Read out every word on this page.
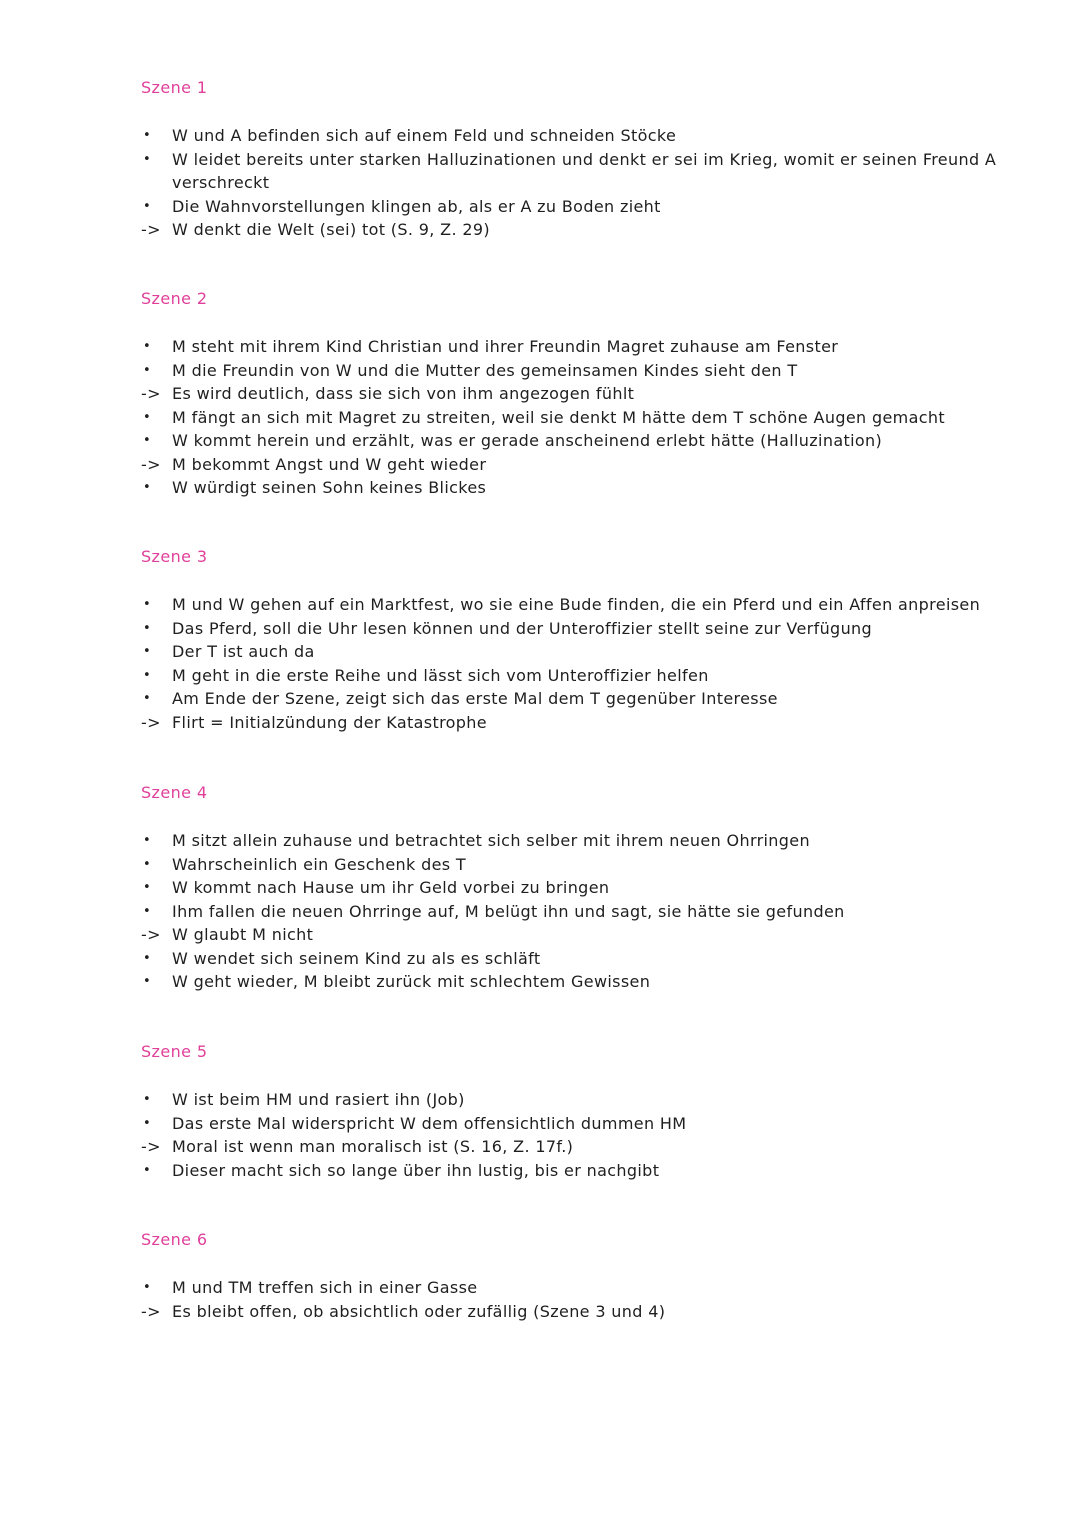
Szene 1
•	W und A befinden sich auf einem Feld und schneiden Stöcke
•	W leidet bereits unter starken Halluzinationen und denkt er sei im Krieg, womit er seinen Freund A verschreckt
•	Die Wahnvorstellungen klingen ab, als er A zu Boden zieht
-> W denkt die Welt (sei) tot (S. 9, Z. 29)
Szene 2
•	M steht mit ihrem Kind Christian und ihrer Freundin Magret zuhause am Fenster
•	M die Freundin von W und die Mutter des gemeinsamen Kindes sieht den T
-> Es wird deutlich, dass sie sich von ihm angezogen fühlt
•	M fängt an sich mit Magret zu streiten, weil sie denkt M hätte dem T schöne Augen gemacht
•	W kommt herein und erzählt, was er gerade anscheinend erlebt hätte (Halluzination)
-> M bekommt Angst und W geht wieder
•	W würdigt seinen Sohn keines Blickes
Szene 3
•	M und W gehen auf ein Marktfest, wo sie eine Bude finden, die ein Pferd und ein Affen anpreisen
•	Das Pferd, soll die Uhr lesen können und der Unteroffizier stellt seine zur Verfügung
•	Der T ist auch da
•	M geht in die erste Reihe und lässt sich vom Unteroffizier helfen
•	Am Ende der Szene, zeigt sich das erste Mal dem T gegenüber Interesse
-> Flirt = Initialzündung der Katastrophe
Szene 4
•	M sitzt allein zuhause und betrachtet sich selber mit ihrem neuen Ohrringen
•	Wahrscheinlich ein Geschenk des T
•	W kommt nach Hause um ihr Geld vorbei zu bringen
•	Ihm fallen die neuen Ohrringe auf, M belügt ihn und sagt, sie hätte sie gefunden
-> W glaubt M nicht
•	W wendet sich seinem Kind zu als es schläft
•	W geht wieder, M bleibt zurück mit schlechtem Gewissen
Szene 5
•	W ist beim HM und rasiert ihn (Job)
•	Das erste Mal widerspricht W dem offensichtlich dummen HM
-> Moral ist wenn man moralisch ist (S. 16, Z. 17f.)
•	Dieser macht sich so lange über ihn lustig, bis er nachgibt
Szene 6
•	M und TM treffen sich in einer Gasse
-> Es bleibt offen, ob absichtlich oder zufällig (Szene 3 und 4)
